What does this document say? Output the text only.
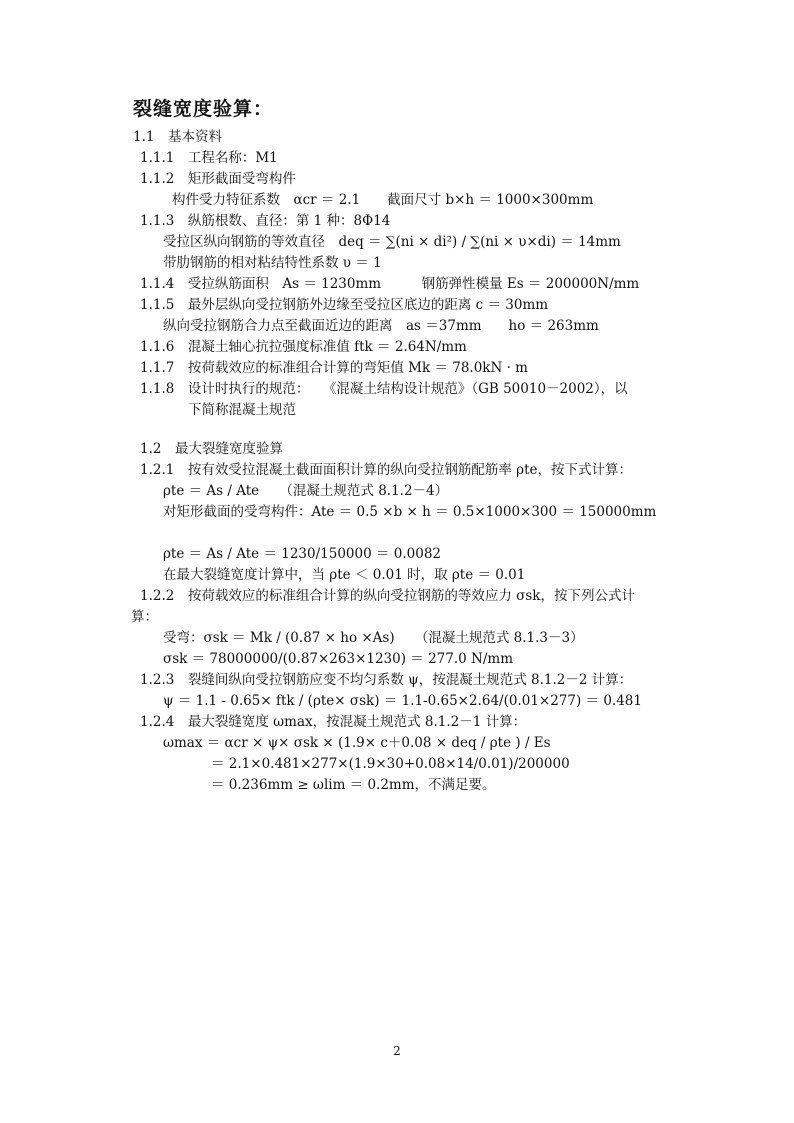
裂缝宽度验算：
1.1　基本资料
1.1.1　工程名称：M1
1.1.2　矩形截面受弯构件
构件受力特征系数　αcr ＝ 2.1　　截面尺寸 b×h ＝ 1000×300mm
1.1.3　纵筋根数、直径：第 1 种：8Φ14
受拉区纵向钢筋的等效直径　deq ＝ ∑(ni × di²) / ∑(ni × υ×di) ＝ 14mm
带肋钢筋的相对粘结特性系数 υ ＝ 1
1.1.4　受拉纵筋面积　As ＝ 1230mm　　　钢筋弹性模量 Es ＝ 200000N/mm
1.1.5　最外层纵向受拉钢筋外边缘至受拉区底边的距离 c ＝ 30mm
纵向受拉钢筋合力点至截面近边的距离　as ＝37mm　　ho ＝ 263mm
1.1.6　混凝土轴心抗拉强度标准值 ftk ＝ 2.64N/mm
1.1.7　按荷载效应的标准组合计算的弯矩值 Mk ＝ 78.0kN · m
1.1.8　设计时执行的规范：　　《混凝土结构设计规范》（GB 50010－2002），以
下简称混凝土规范
1.2　最大裂缝宽度验算
1.2.1　按有效受拉混凝土截面面积计算的纵向受拉钢筋配筋率 ρte，按下式计算：
ρte ＝ As / Ate　　（混凝土规范式 8.1.2－4）
对矩形截面的受弯构件：Ate ＝ 0.5 ×b × h ＝ 0.5×1000×300 ＝ 150000mm
ρte ＝ As / Ate ＝ 1230/150000 ＝ 0.0082
在最大裂缝宽度计算中，当 ρte ＜ 0.01 时，取 ρte ＝ 0.01
1.2.2　按荷载效应的标准组合计算的纵向受拉钢筋的等效应力 σsk，按下列公式计
算：
受弯：σsk ＝ Mk / (0.87 × ho ×As)　　（混凝土规范式 8.1.3－3）
σsk ＝ 78000000/(0.87×263×1230) ＝ 277.0 N/mm
1.2.3　裂缝间纵向受拉钢筋应变不均匀系数 ψ，按混凝土规范式 8.1.2－2 计算：
ψ ＝ 1.1 - 0.65× ftk / (ρte× σsk) ＝ 1.1-0.65×2.64/(0.01×277) ＝ 0.481
1.2.4　最大裂缝宽度 ωmax，按混凝土规范式 8.1.2－1 计算：
ωmax ＝ αcr × ψ× σsk × (1.9× c＋0.08 × deq / ρte ) / Es
＝ 2.1×0.481×277×(1.9×30+0.08×14/0.01)/200000
＝ 0.236mm ≥ ωlim ＝ 0.2mm，不满足要。
2
